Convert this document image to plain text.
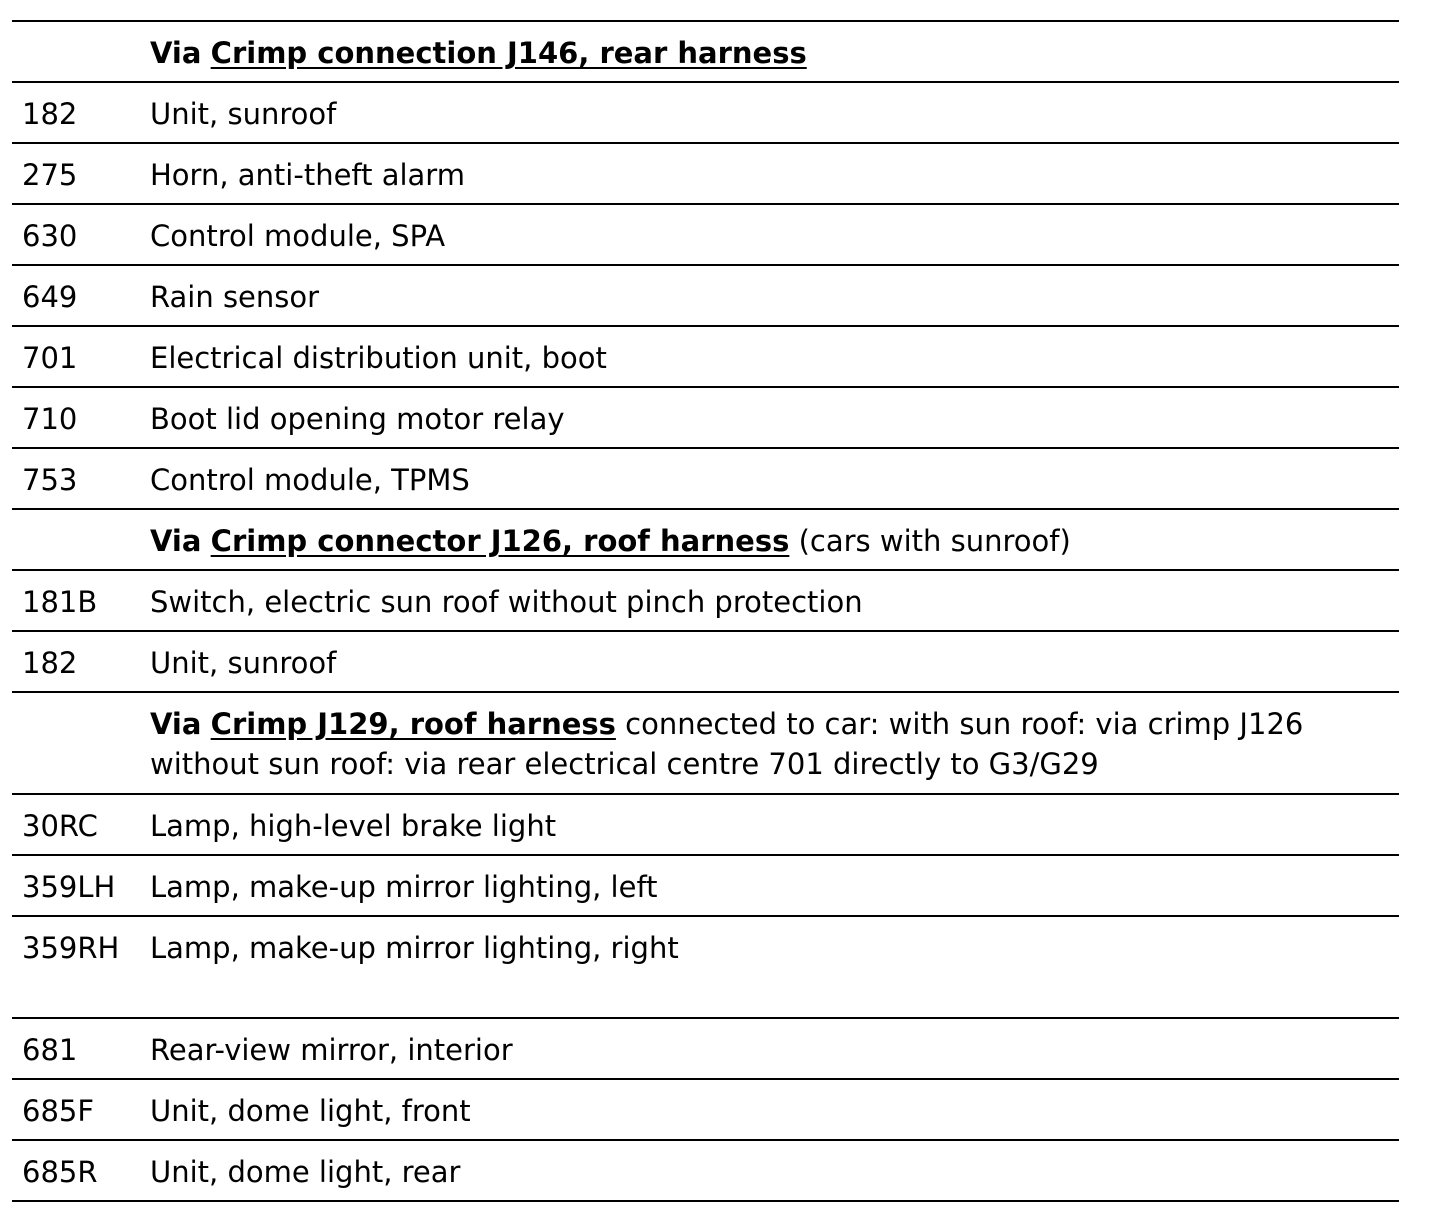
Via Crimp connection J146, rear harness
182	Unit, sunroof
275	Horn, anti-theft alarm
630	Control module, SPA
649	Rain sensor
701	Electrical distribution unit, boot
710	Boot lid opening motor relay
753	Control module, TPMS
Via Crimp connector J126, roof harness (cars with sunroof)
181B	Switch, electric sun roof without pinch protection
182	Unit, sunroof
Via Crimp J129, roof harness connected to car: with sun roof: via crimp J126 without sun roof: via rear electrical centre 701 directly to G3/G29
30RC	Lamp, high-level brake light
359LH	Lamp, make-up mirror lighting, left
359RH	Lamp, make-up mirror lighting, right
681	Rear-view mirror, interior
685F	Unit, dome light, front
685R	Unit, dome light, rear
